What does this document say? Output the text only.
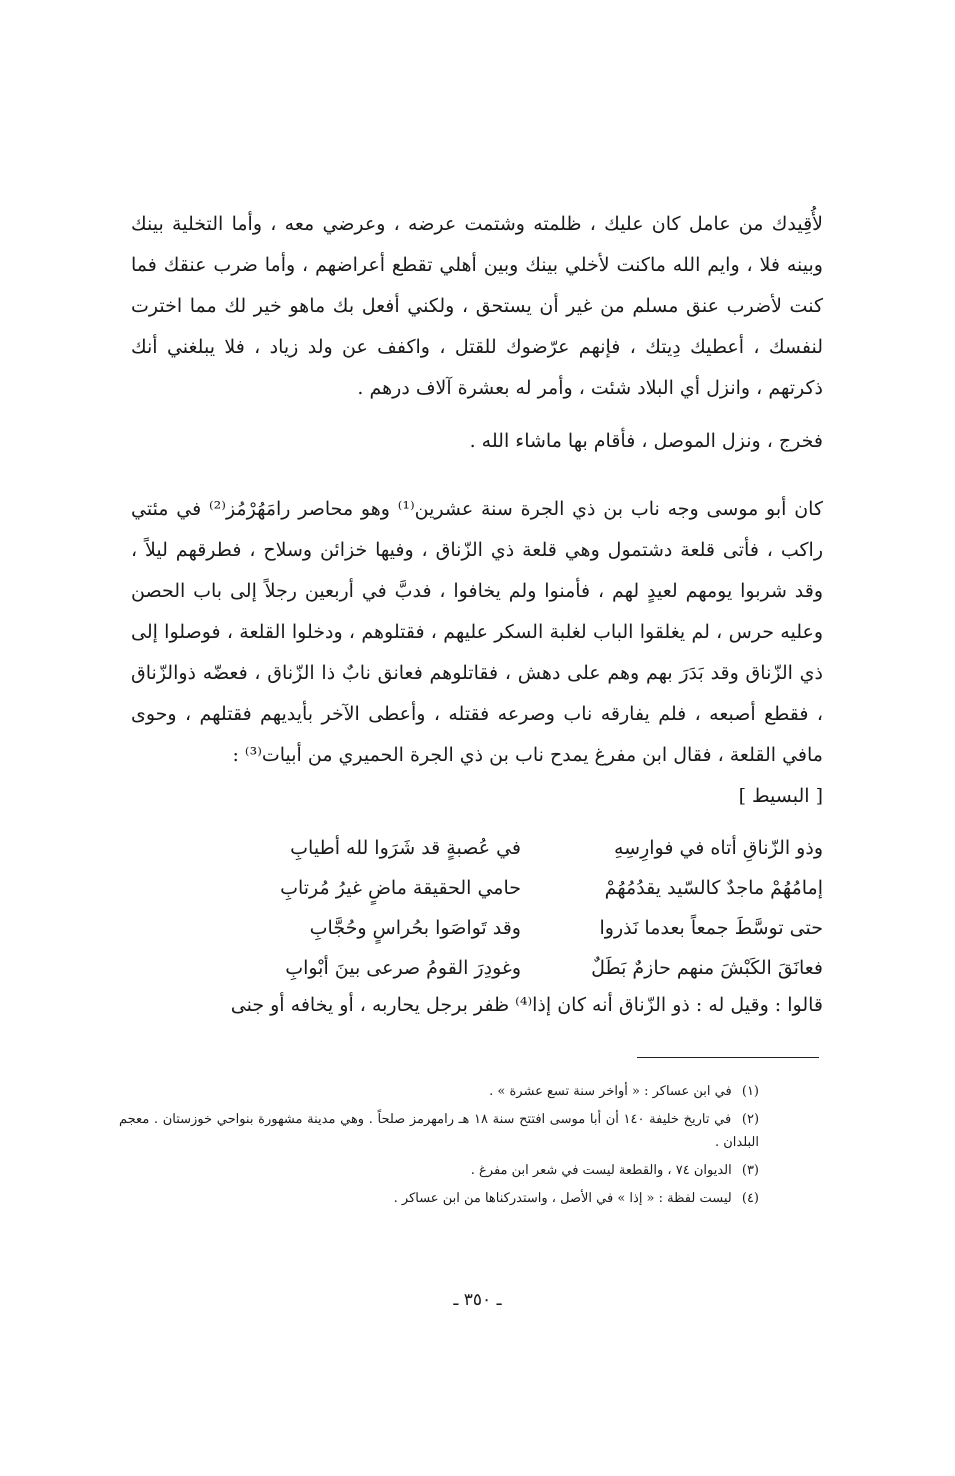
لأُقِيدك من عامل كان عليك ، ظلمته وشتمت عرضه ، وعرضي معه ، وأما التخلية بينك وبينه فلا ، وايم الله ماكنت لأخلي بينك وبين أهلي تقطع أعراضهم ، وأما ضرب عنقك فما كنت لأضرب عنق مسلم من غير أن يستحق ، ولكني أفعل بك ماهو خير لك مما اخترت لنفسك ، أعطيك دِيتك ، فإنهم عرّضوك للقتل ، واكفف عن ولد زياد ، فلا يبلغني أنك ذكرتهم ، وانزل أي البلاد شئت ، وأمر له بعشرة آلاف درهم .

فخرج ، ونزل الموصل ، فأقام بها ماشاء الله .

كان أبو موسى وجه ناب بن ذي الجرة سنة عشرين⁽¹⁾ وهو محاصر رامَهُرْمُز⁽²⁾ في مئتي راكب ، فأتى قلعة دشتمول وهي قلعة ذي الزّناق ، وفيها خزائن وسلاح ، فطرقهم ليلاً ، وقد شربوا يومهم لعيدٍ لهم ، فأمنوا ولم يخافوا ، فدبَّ في أربعين رجلاً إلى باب الحصن وعليه حرس ، لم يغلقوا الباب لغلبة السكر عليهم ، فقتلوهم ، ودخلوا القلعة ، فوصلوا إلى ذي الزّناق وقد بَدَرَ بهم وهم على دهش ، فقاتلوهم فعانق نابٌ ذا الزّناق ، فعضّه ذوالزّناق ، فقطع أصبعه ، فلم يفارقه ناب وصرعه فقتله ، وأعطى الآخر بأيديهم فقتلهم ، وحوى مافي القلعة ، فقال ابن مفرغ يمدح ناب بن ذي الجرة الحميري من أبيات⁽³⁾ :
[ البسيط ]
وذو الزّناقِ أتاه في فوارِسِهِ
في عُصبةٍ قد شَرَوا لله أطيابِ
إمامُهُمْ ماجدٌ كالسّيد يقدُمُهُمْ
حامي الحقيقة ماضٍ غيرُ مُرتابِ
حتى توسَّطَ جمعاً بعدما نَذروا
وقد تَواصَوا بحُراسٍ وحُجَّابِ
فعانَقَ الكَبْشَ منهم حازمٌ بَطَلٌ
وغودِرَ القومُ صرعى بينَ أبْوابِ

قالوا : وقيل له : ذو الزّناق أنه كان إذا⁽⁴⁾ ظفر برجل يحاربه ، أو يخافه أو جنى

(١) في ابن عساكر : « أواخر سنة تسع عشرة » .

(٢) في تاريخ خليفة ١٤٠ أن أبا موسى افتتح سنة ١٨ هـ رامهرمز صلحاً . وهي مدينة مشهورة بنواحي خوزستان . معجم البلدان .

(٣) الديوان ٧٤ ، والقطعة ليست في شعر ابن مفرغ .

(٤) ليست لفظة : « إذا » في الأصل ، واستدركناها من ابن عساكر .

ـ ٣٥٠ ـ
